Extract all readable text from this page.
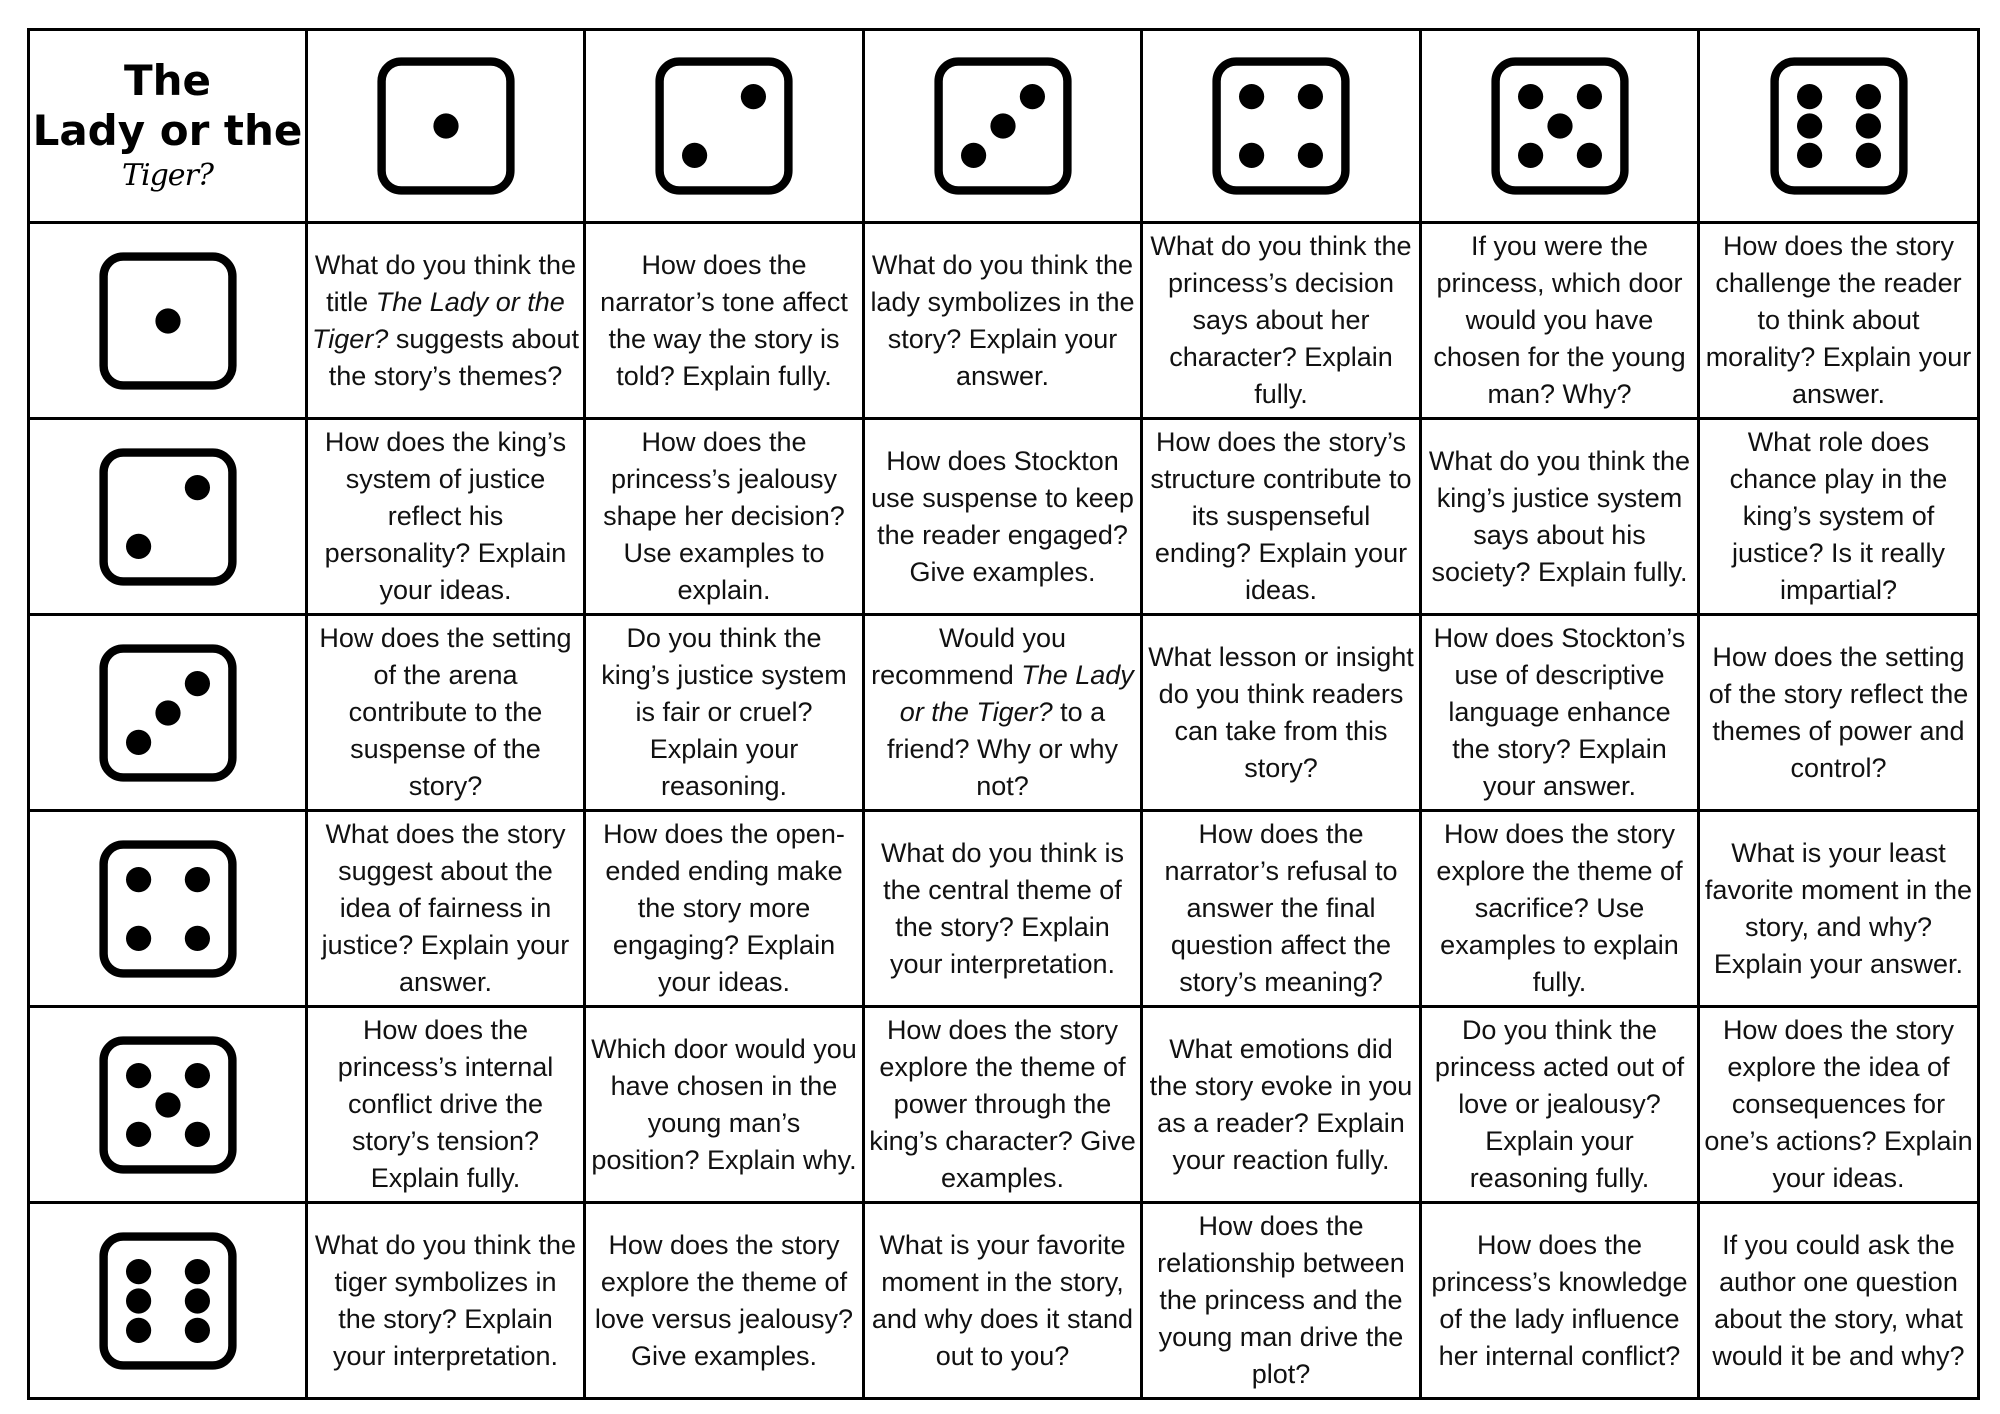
The
Lady or the
Tiger?

	What do you think the title The Lady or the Tiger? suggests about the story’s themes?	How does the narrator’s tone affect the way the story is told? Explain fully.	What do you think the lady symbolizes in the story? Explain your answer.	What do you think the princess’s decision says about her character? Explain fully.	If you were the princess, which door would you have chosen for the young man? Why?	How does the story challenge the reader to think about morality? Explain your answer.

	How does the king’s system of justice reflect his personality? Explain your ideas.	How does the princess’s jealousy shape her decision? Use examples to explain.	How does Stockton use suspense to keep the reader engaged? Give examples.	How does the story’s structure contribute to its suspenseful ending? Explain your ideas.	What do you think the king’s justice system says about his society? Explain fully.	What role does chance play in the king’s system of justice? Is it really impartial?

	How does the setting of the arena contribute to the suspense of the story?	Do you think the king’s justice system is fair or cruel? Explain your reasoning.	Would you recommend The Lady or the Tiger? to a friend? Why or why not?	What lesson or insight do you think readers can take from this story?	How does Stockton’s use of descriptive language enhance the story? Explain your answer.	How does the setting of the story reflect the themes of power and control?

	What does the story suggest about the idea of fairness in justice? Explain your answer.	How does the open-ended ending make the story more engaging? Explain your ideas.	What do you think is the central theme of the story? Explain your interpretation.	How does the narrator’s refusal to answer the final question affect the story’s meaning?	How does the story explore the theme of sacrifice? Use examples to explain fully.	What is your least favorite moment in the story, and why? Explain your answer.

	How does the princess’s internal conflict drive the story’s tension? Explain fully.	Which door would you have chosen in the young man’s position? Explain why.	How does the story explore the theme of power through the king’s character? Give examples.	What emotions did the story evoke in you as a reader? Explain your reaction fully.	Do you think the princess acted out of love or jealousy? Explain your reasoning fully.	How does the story explore the idea of consequences for one’s actions? Explain your ideas.

	What do you think the tiger symbolizes in the story? Explain your interpretation.	How does the story explore the theme of love versus jealousy? Give examples.	What is your favorite moment in the story, and why does it stand out to you?	How does the relationship between the princess and the young man drive the plot?	How does the princess’s knowledge of the lady influence her internal conflict?	If you could ask the author one question about the story, what would it be and why?
